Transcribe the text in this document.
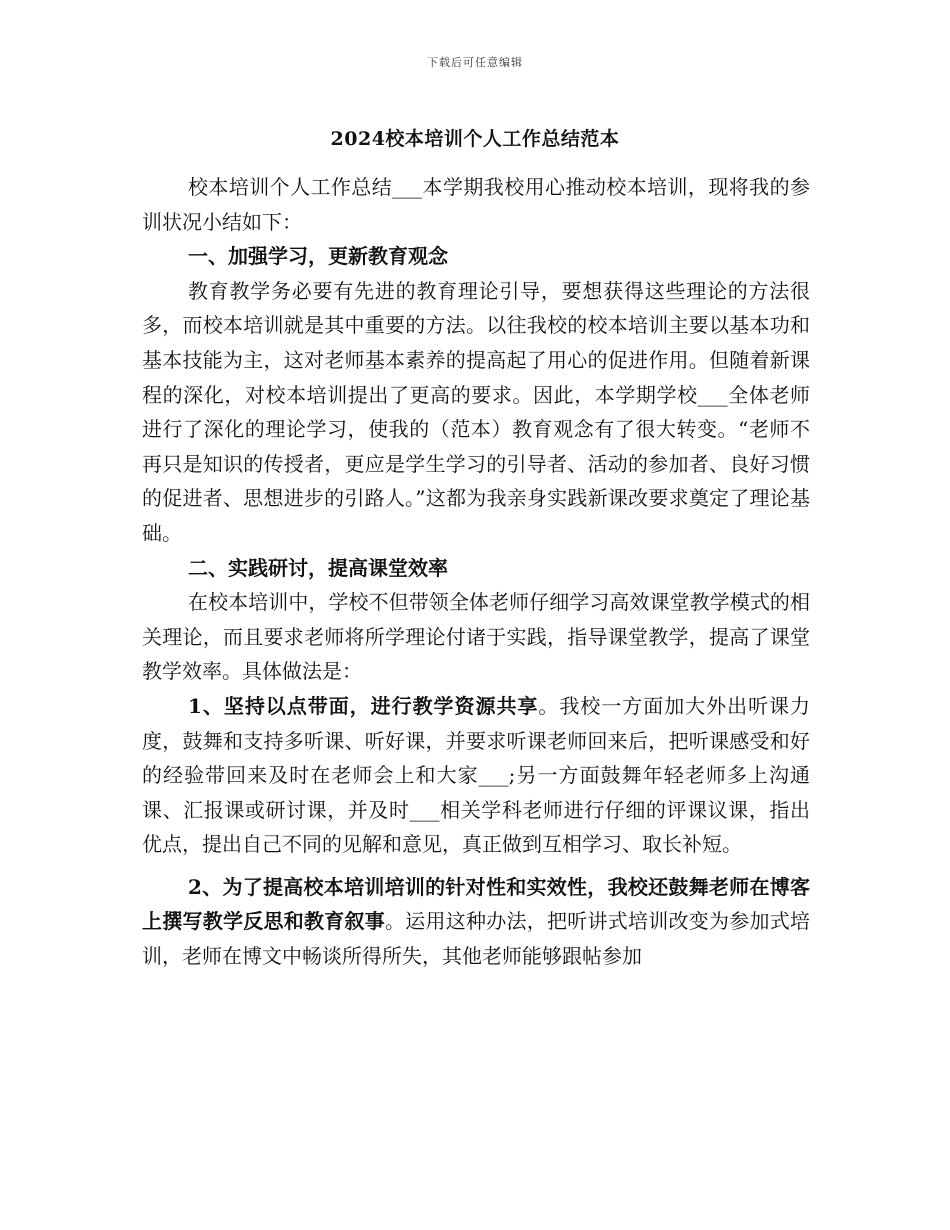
下载后可任意编辑
2024校本培训个人工作总结范本

校本培训个人工作总结___本学期我校用心推动校本培训，现将我的参训状况小结如下：

一、加强学习，更新教育观念

教育教学务必要有先进的教育理论引导，要想获得这些理论的方法很多，而校本培训就是其中重要的方法。以往我校的校本培训主要以基本功和基本技能为主，这对老师基本素养的提高起了用心的促进作用。但随着新课程的深化，对校本培训提出了更高的要求。因此，本学期学校___全体老师进行了深化的理论学习，使我的（范本）教育观念有了很大转变。“老师不再只是知识的传授者，更应是学生学习的引导者、活动的参加者、良好习惯的促进者、思想进步的引路人。”这都为我亲身实践新课改要求奠定了理论基础。

二、实践研讨，提高课堂效率

在校本培训中，学校不但带领全体老师仔细学习高效课堂教学模式的相关理论，而且要求老师将所学理论付诸于实践，指导课堂教学，提高了课堂教学效率。具体做法是：

1、坚持以点带面，进行教学资源共享。我校一方面加大外出听课力度，鼓舞和支持多听课、听好课，并要求听课老师回来后，把听课感受和好的经验带回来及时在老师会上和大家___;另一方面鼓舞年轻老师多上沟通课、汇报课或研讨课，并及时___相关学科老师进行仔细的评课议课，指出优点，提出自己不同的见解和意见，真正做到互相学习、取长补短。

2、为了提高校本培训培训的针对性和实效性，我校还鼓舞老师在博客上撰写教学反思和教育叙事。运用这种办法，把听讲式培训改变为参加式培训，老师在博文中畅谈所得所失，其他老师能够跟帖参加
